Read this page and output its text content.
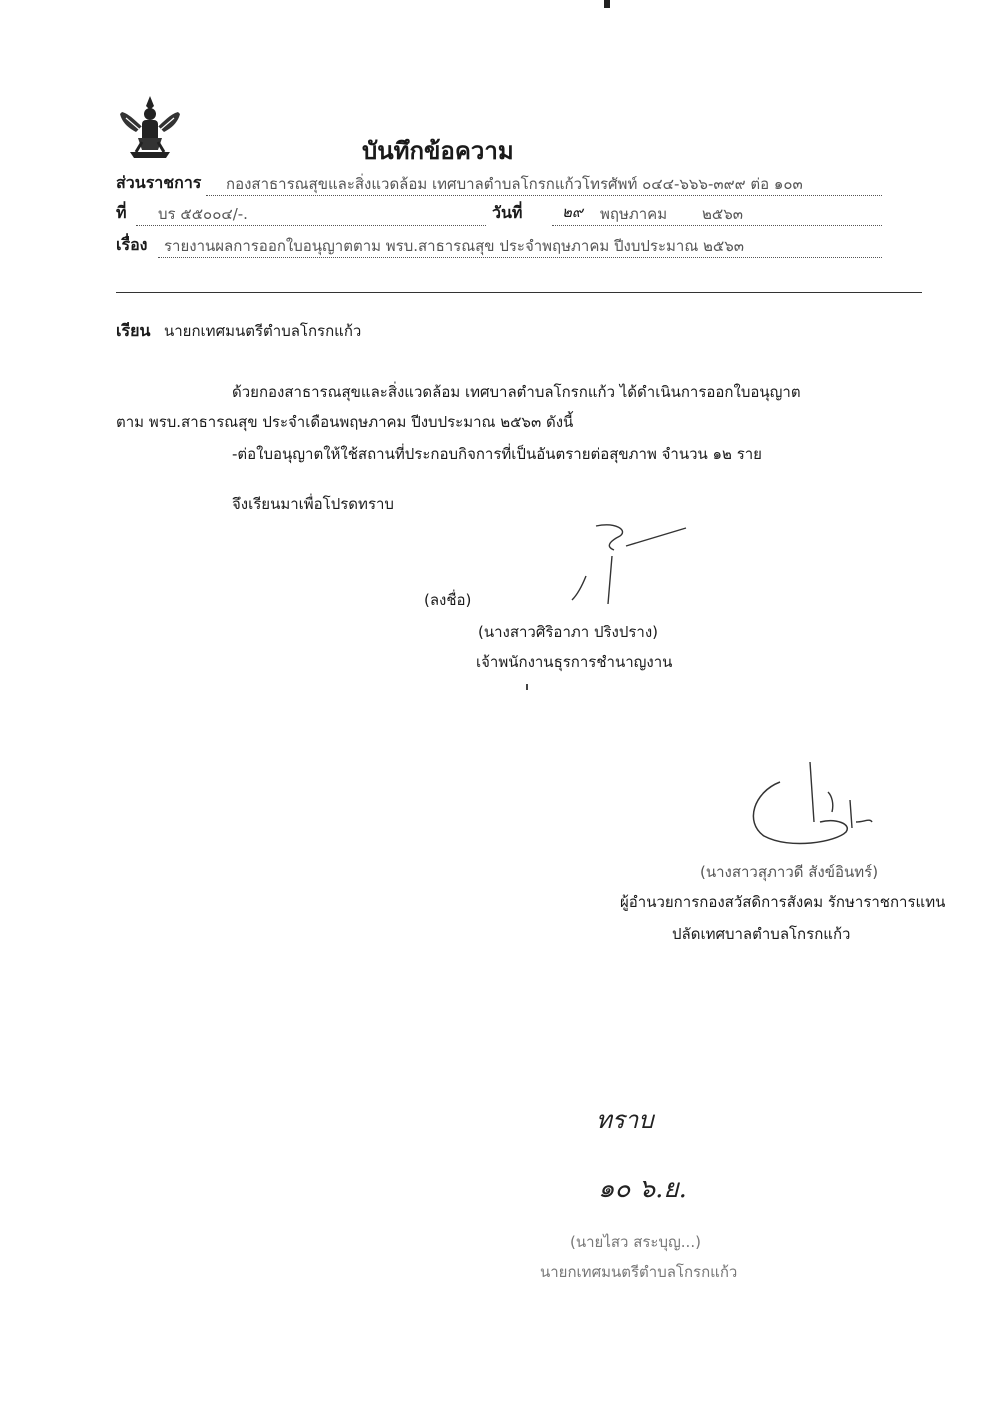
บันทึกข้อความ
ส่วนราชการ กองสาธารณสุขและสิ่งแวดล้อม เทศบาลตำบลโกรกแก้วโทรศัพท์ ๐๔๔-๖๖๖-๓๙๙ ต่อ ๑๐๓
ที่ บร ๕๕๐๐๔/-.	วันที่	๒๙ พฤษภาคม ๒๕๖๓
เรื่อง รายงานผลการออกใบอนุญาตตาม พรบ.สาธารณสุข ประจำพฤษภาคม ปีงบประมาณ ๒๕๖๓
เรียน นายกเทศมนตรีตำบลโกรกแก้ว
ด้วยกองสาธารณสุขและสิ่งแวดล้อม เทศบาลตำบลโกรกแก้ว ได้ดำเนินการออกใบอนุญาต
ตาม พรบ.สาธารณสุข ประจำเดือนพฤษภาคม ปีงบประมาณ ๒๕๖๓ ดังนี้
-ต่อใบอนุญาตให้ใช้สถานที่ประกอบกิจการที่เป็นอันตรายต่อสุขภาพ จำนวน ๑๒ ราย
จึงเรียนมาเพื่อโปรดทราบ
(ลงชื่อ)
(นางสาวศิริอาภา ปริงปราง)
เจ้าพนักงานธุรการชำนาญงาน
(นางสาวสุภาวดี สังข์อินทร์)
ผู้อำนวยการกองสวัสดิการสังคม รักษาราชการแทน
ปลัดเทศบาลตำบลโกรกแก้ว
ทราบ
๑๐ ๖.ย.
(นายไสว สระบุญ...)
นายกเทศมนตรีตำบลโกรกแก้ว
